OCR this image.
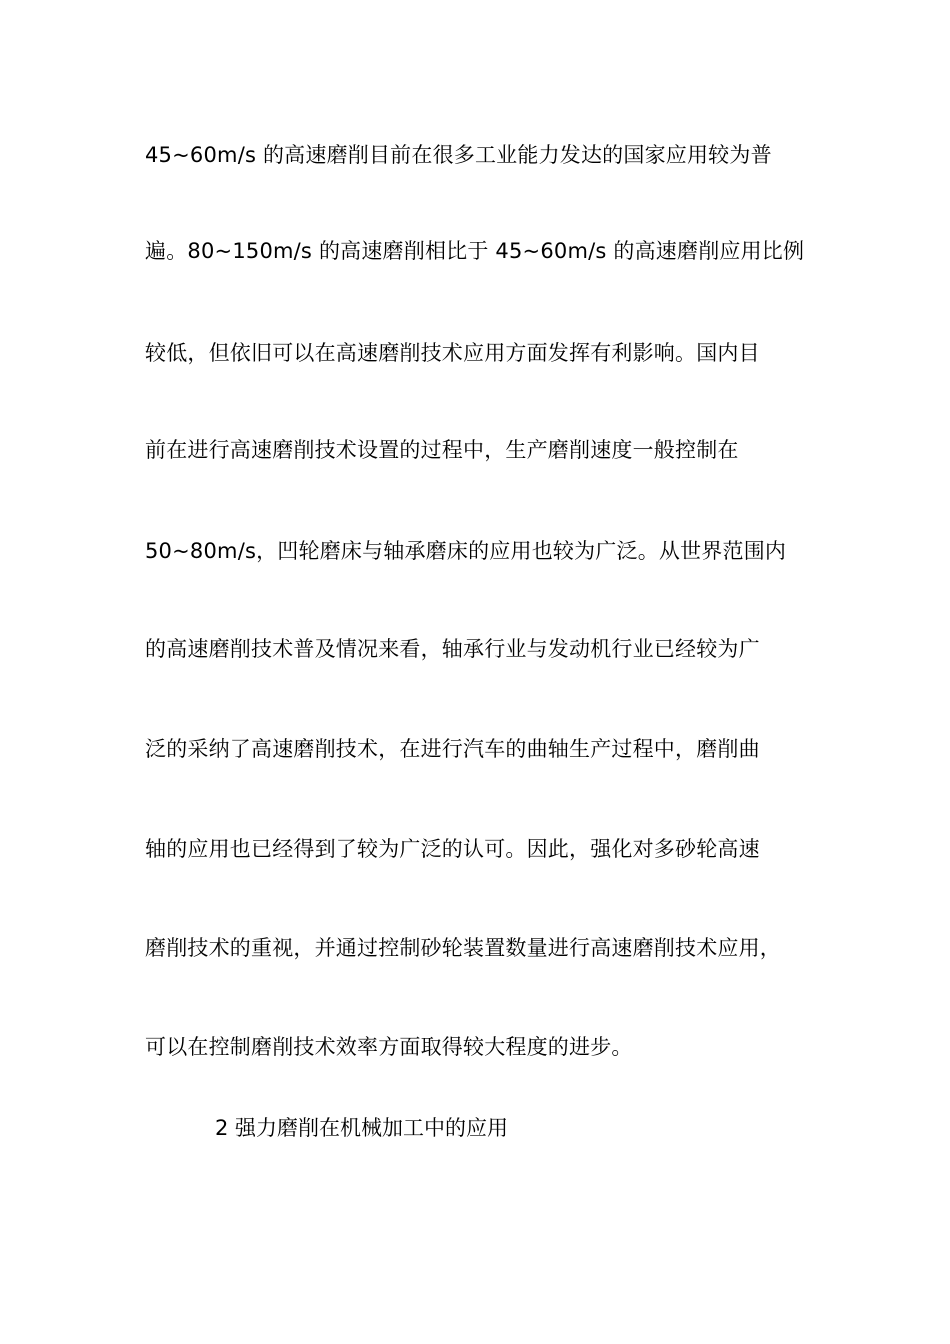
45~60m/s 的高速磨削目前在很多工业能力发达的国家应用较为普
遍。80~150m/s 的高速磨削相比于 45~60m/s 的高速磨削应用比例
较低，但依旧可以在高速磨削技术应用方面发挥有利影响。国内目
前在进行高速磨削技术设置的过程中，生产磨削速度一般控制在
50~80m/s，凹轮磨床与轴承磨床的应用也较为广泛。从世界范围内
的高速磨削技术普及情况来看，轴承行业与发动机行业已经较为广
泛的采纳了高速磨削技术，在进行汽车的曲轴生产过程中，磨削曲
轴的应用也已经得到了较为广泛的认可。因此，强化对多砂轮高速
磨削技术的重视，并通过控制砂轮装置数量进行高速磨削技术应用，
可以在控制磨削技术效率方面取得较大程度的进步。
2 强力磨削在机械加工中的应用
